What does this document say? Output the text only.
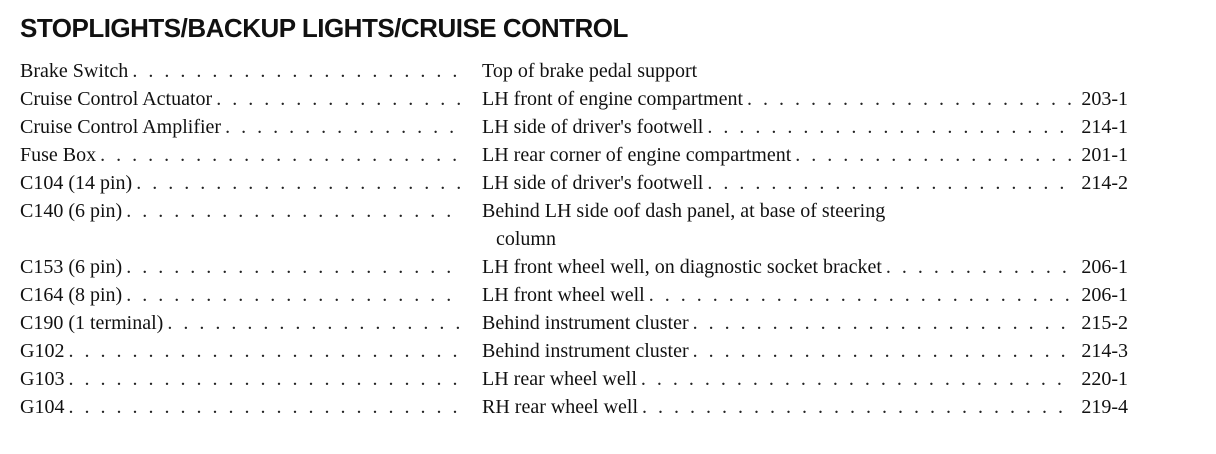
STOPLIGHTS/BACKUP LIGHTS/CRUISE CONTROL
Brake Switch . . .	Top of brake pedal support
Cruise Control Actuator . . .	LH front of engine compartment . . .	203-1
Cruise Control Amplifier . . .	LH side of driver's footwell . . .	214-1
Fuse Box . . .	LH rear corner of engine compartment . . .	201-1
C104 (14 pin) . . .	LH side of driver's footwell . . .	214-2
C140 (6 pin) . . .	Behind LH side oof dash panel, at base of steering
column
C153 (6 pin) . . .	LH front wheel well, on diagnostic socket bracket . . .	206-1
C164 (8 pin) . . .	LH front wheel well . . .	206-1
C190 (1 terminal) . . .	Behind instrument cluster . . .	215-2
G102 . . .	Behind instrument cluster . . .	214-3
G103 . . .	LH rear wheel well . . .	220-1
G104 . . .	RH rear wheel well . . .	219-4
